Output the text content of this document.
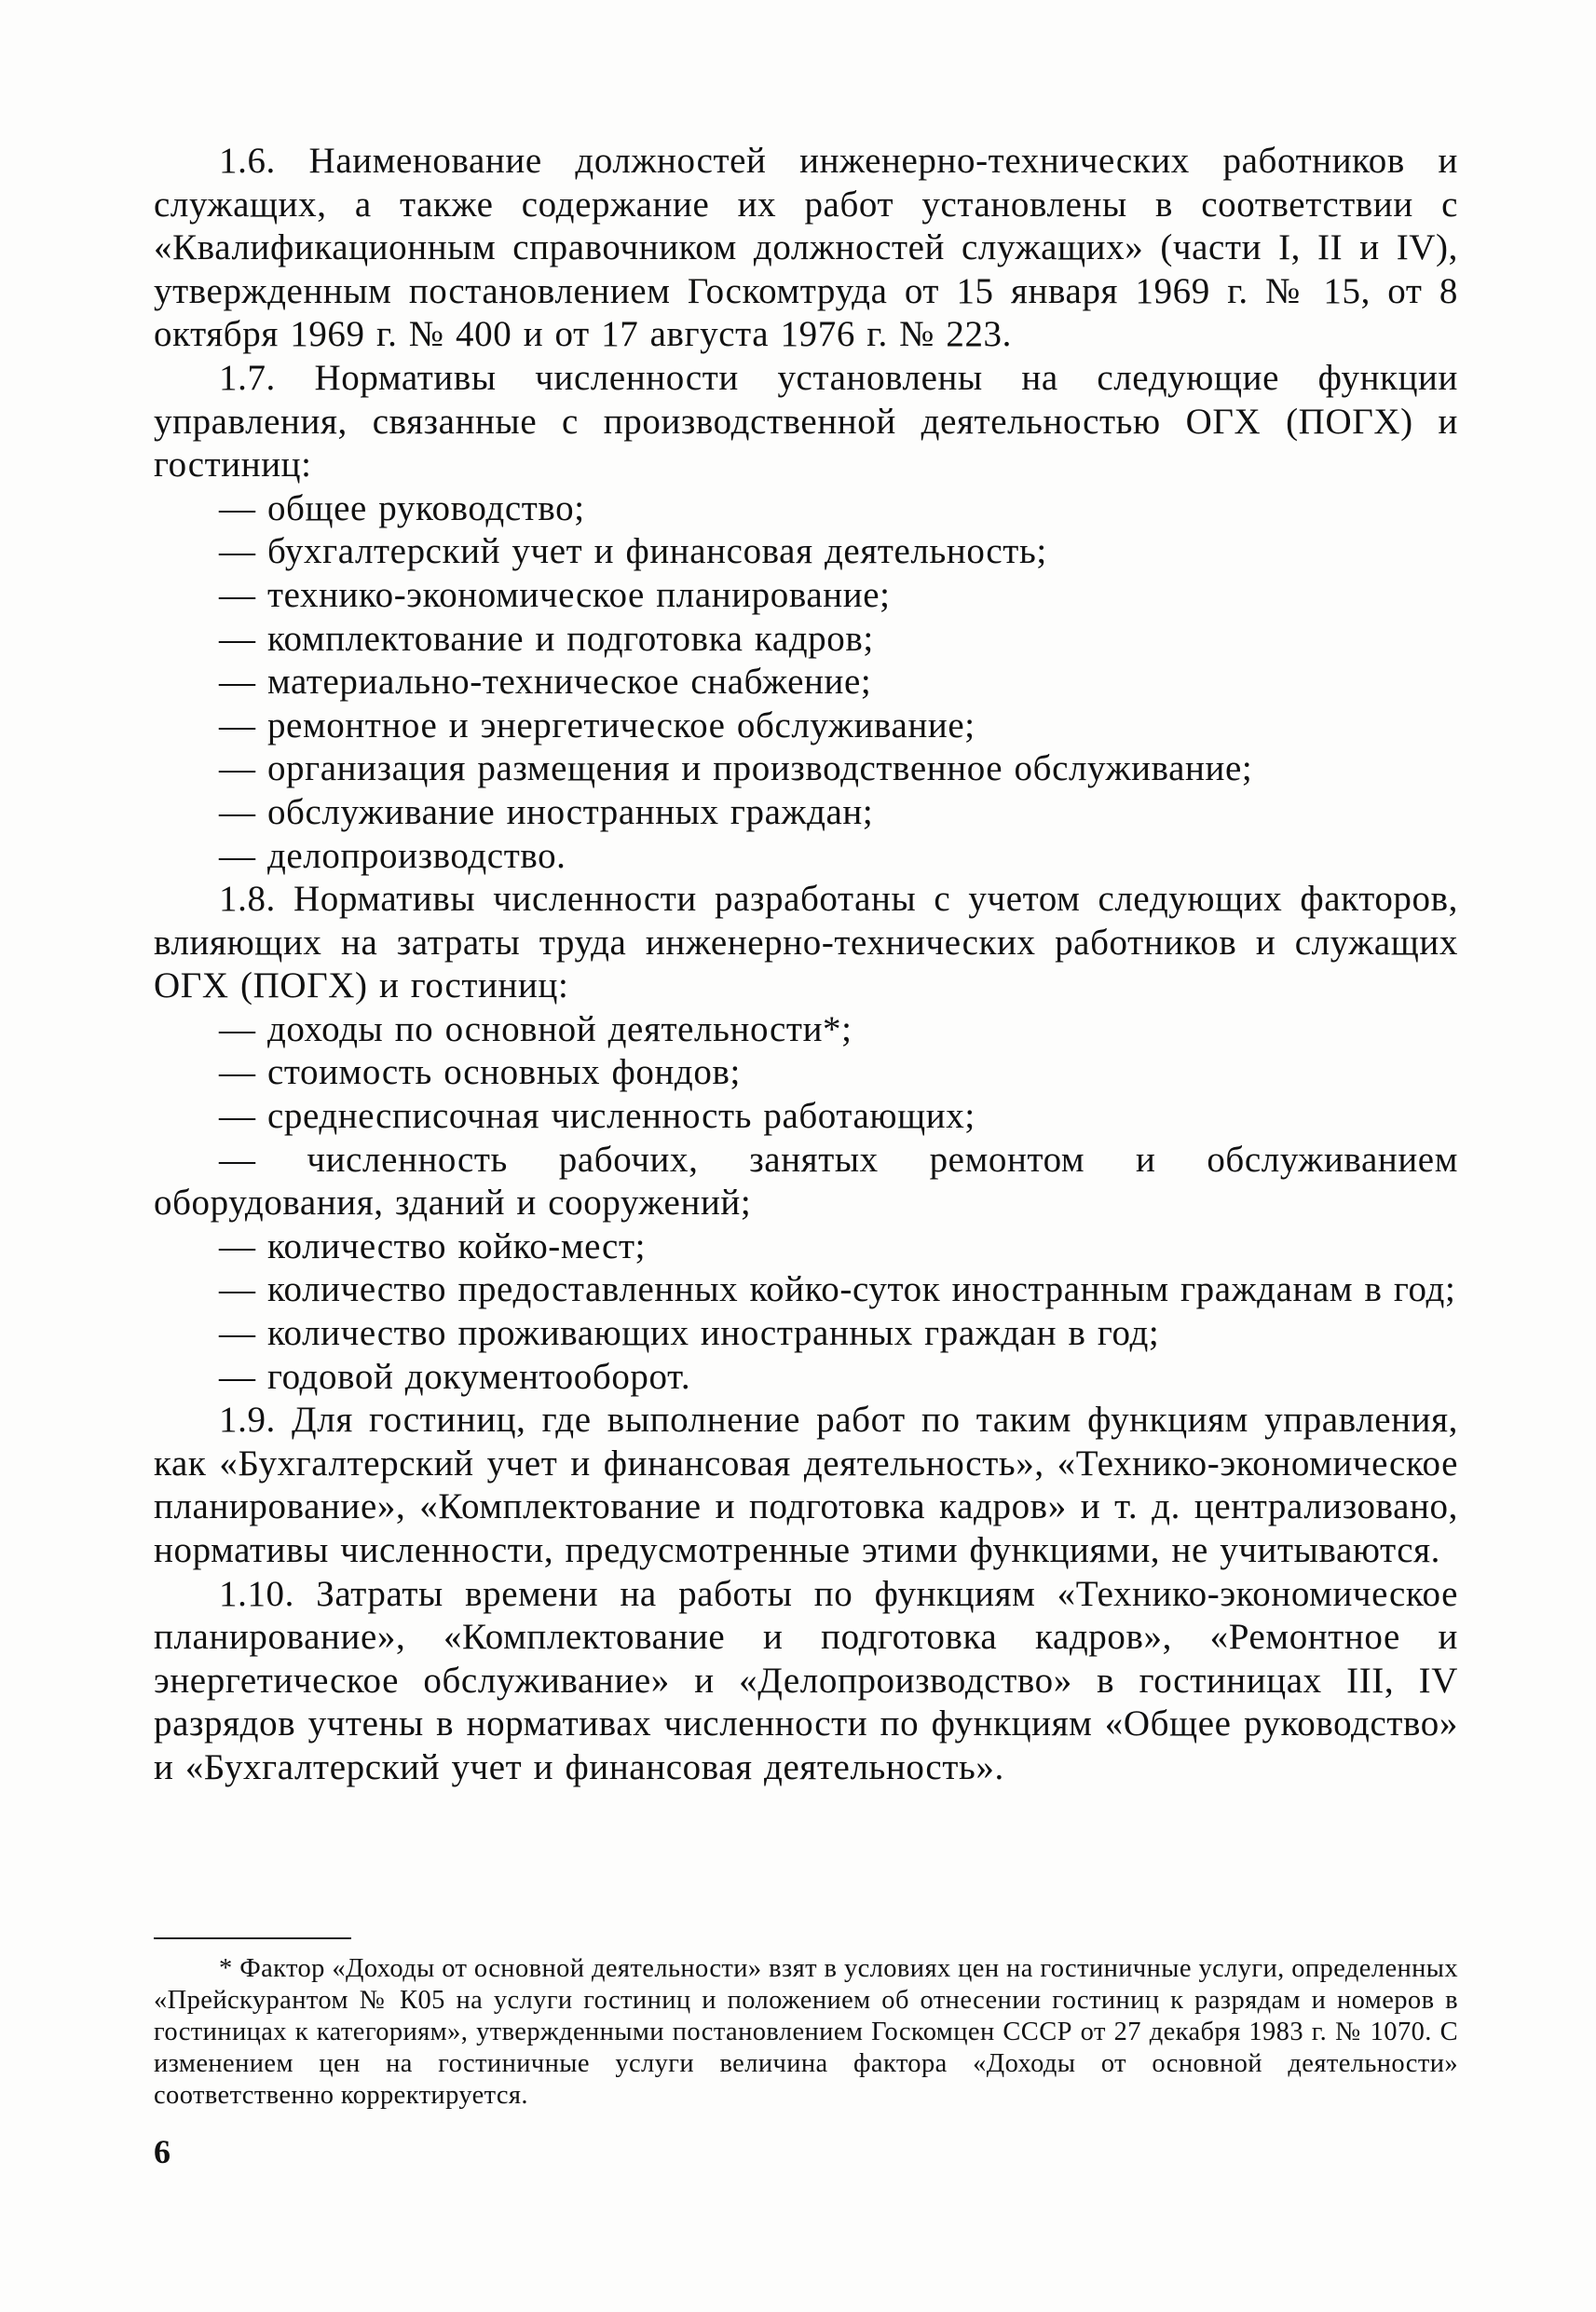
1.6. Наименование должностей инженерно-технических работников и служащих, а также содержание их работ установлены в соответствии с «Квалификационным справочником должностей служащих» (части I, II и IV), утвержденным постановлением Госкомтруда от 15 января 1969 г. № 15, от 8 октября 1969 г. № 400 и от 17 августа 1976 г. № 223.

1.7. Нормативы численности установлены на следующие функции управления, связанные с производственной деятельностью ОГХ (ПОГХ) и гостиниц:

— общее руководство;

— бухгалтерский учет и финансовая деятельность;

— технико-экономическое планирование;

— комплектование и подготовка кадров;

— материально-техническое снабжение;

— ремонтное и энергетическое обслуживание;

— организация размещения и производственное обслуживание;

— обслуживание иностранных граждан;

— делопроизводство.

1.8. Нормативы численности разработаны с учетом следующих факторов, влияющих на затраты труда инженерно-технических работников и служащих ОГХ (ПОГХ) и гостиниц:

— доходы по основной деятельности*;

— стоимость основных фондов;

— среднесписочная численность работающих;

— численность рабочих, занятых ремонтом и обслуживанием оборудования, зданий и сооружений;

— количество койко-мест;

— количество предоставленных койко-суток иностранным гражданам в год;

— количество проживающих иностранных граждан в год;

— годовой документооборот.

1.9. Для гостиниц, где выполнение работ по таким функциям управления, как «Бухгалтерский учет и финансовая деятельность», «Технико-экономическое планирование», «Комплектование и подготовка кадров» и т. д. централизовано, нормативы численности, предусмотренные этими функциями, не учитываются.

1.10. Затраты времени на работы по функциям «Технико-экономическое планирование», «Комплектование и подготовка кадров», «Ремонтное и энергетическое обслуживание» и «Делопроизводство» в гостиницах III, IV разрядов учтены в нормативах численности по функциям «Общее руководство» и «Бухгалтерский учет и финансовая деятельность».

* Фактор «Доходы от основной деятельности» взят в условиях цен на гостиничные услуги, определенных «Прейскурантом № К05 на услуги гостиниц и положением об отнесении гостиниц к разрядам и номеров в гостиницах к категориям», утвержденными постановлением Госкомцен СССР от 27 декабря 1983 г. № 1070. С изменением цен на гостиничные услуги величина фактора «Доходы от основной деятельности» соответственно корректируется.

6
